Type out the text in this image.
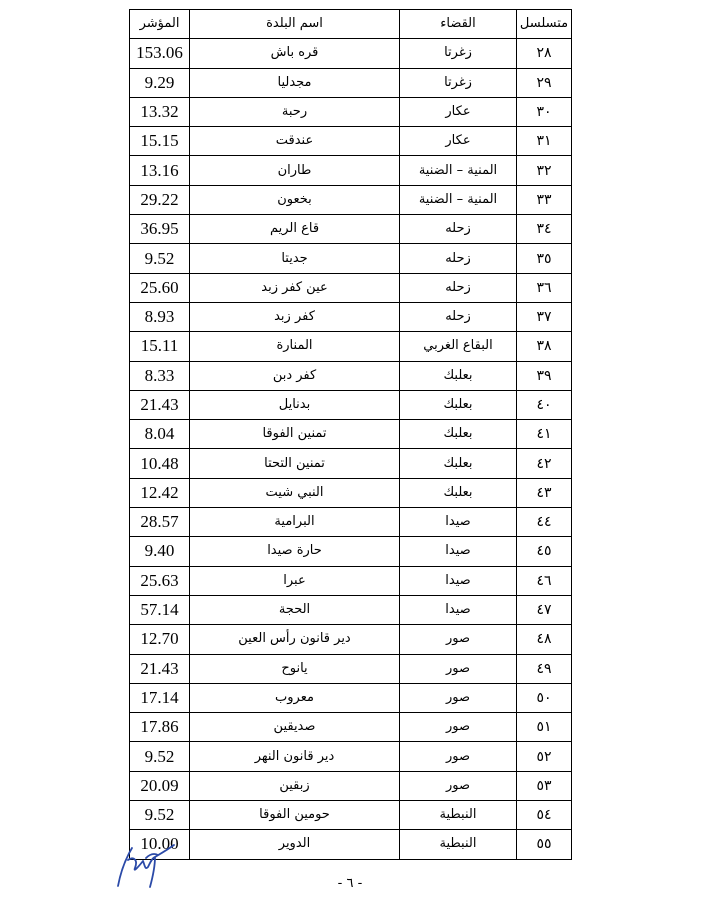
المؤشر	اسم البلدة	القضاء	متسلسل
153.06	قره باش	زغرتا	٢٨
9.29	مجدليا	زغرتا	٢٩
13.32	رحبة	عكار	٣٠
15.15	عندقت	عكار	٣١
13.16	طاران	المنية – الضنية	٣٢
29.22	بخعون	المنية – الضنية	٣٣
36.95	قاع الريم	زحله	٣٤
9.52	جديتا	زحله	٣٥
25.60	عين كفر زبد	زحله	٣٦
8.93	كفر زبد	زحله	٣٧
15.11	المنارة	البقاع الغربي	٣٨
8.33	كفر دبن	بعلبك	٣٩
21.43	بدنايل	بعلبك	٤٠
8.04	تمنين الفوقا	بعلبك	٤١
10.48	تمنين التحتا	بعلبك	٤٢
12.42	النبي شيت	بعلبك	٤٣
28.57	البرامية	صيدا	٤٤
9.40	حارة صيدا	صيدا	٤٥
25.63	عبرا	صيدا	٤٦
57.14	الحجة	صيدا	٤٧
12.70	دير قانون رأس العين	صور	٤٨
21.43	يانوح	صور	٤٩
17.14	معروب	صور	٥٠
17.86	صديقين	صور	٥١
9.52	دير قانون النهر	صور	٥٢
20.09	زبقين	صور	٥٣
9.52	حومين الفوقا	النبطية	٥٤
10.00	الدوير	النبطية	٥٥
- ٦ -
